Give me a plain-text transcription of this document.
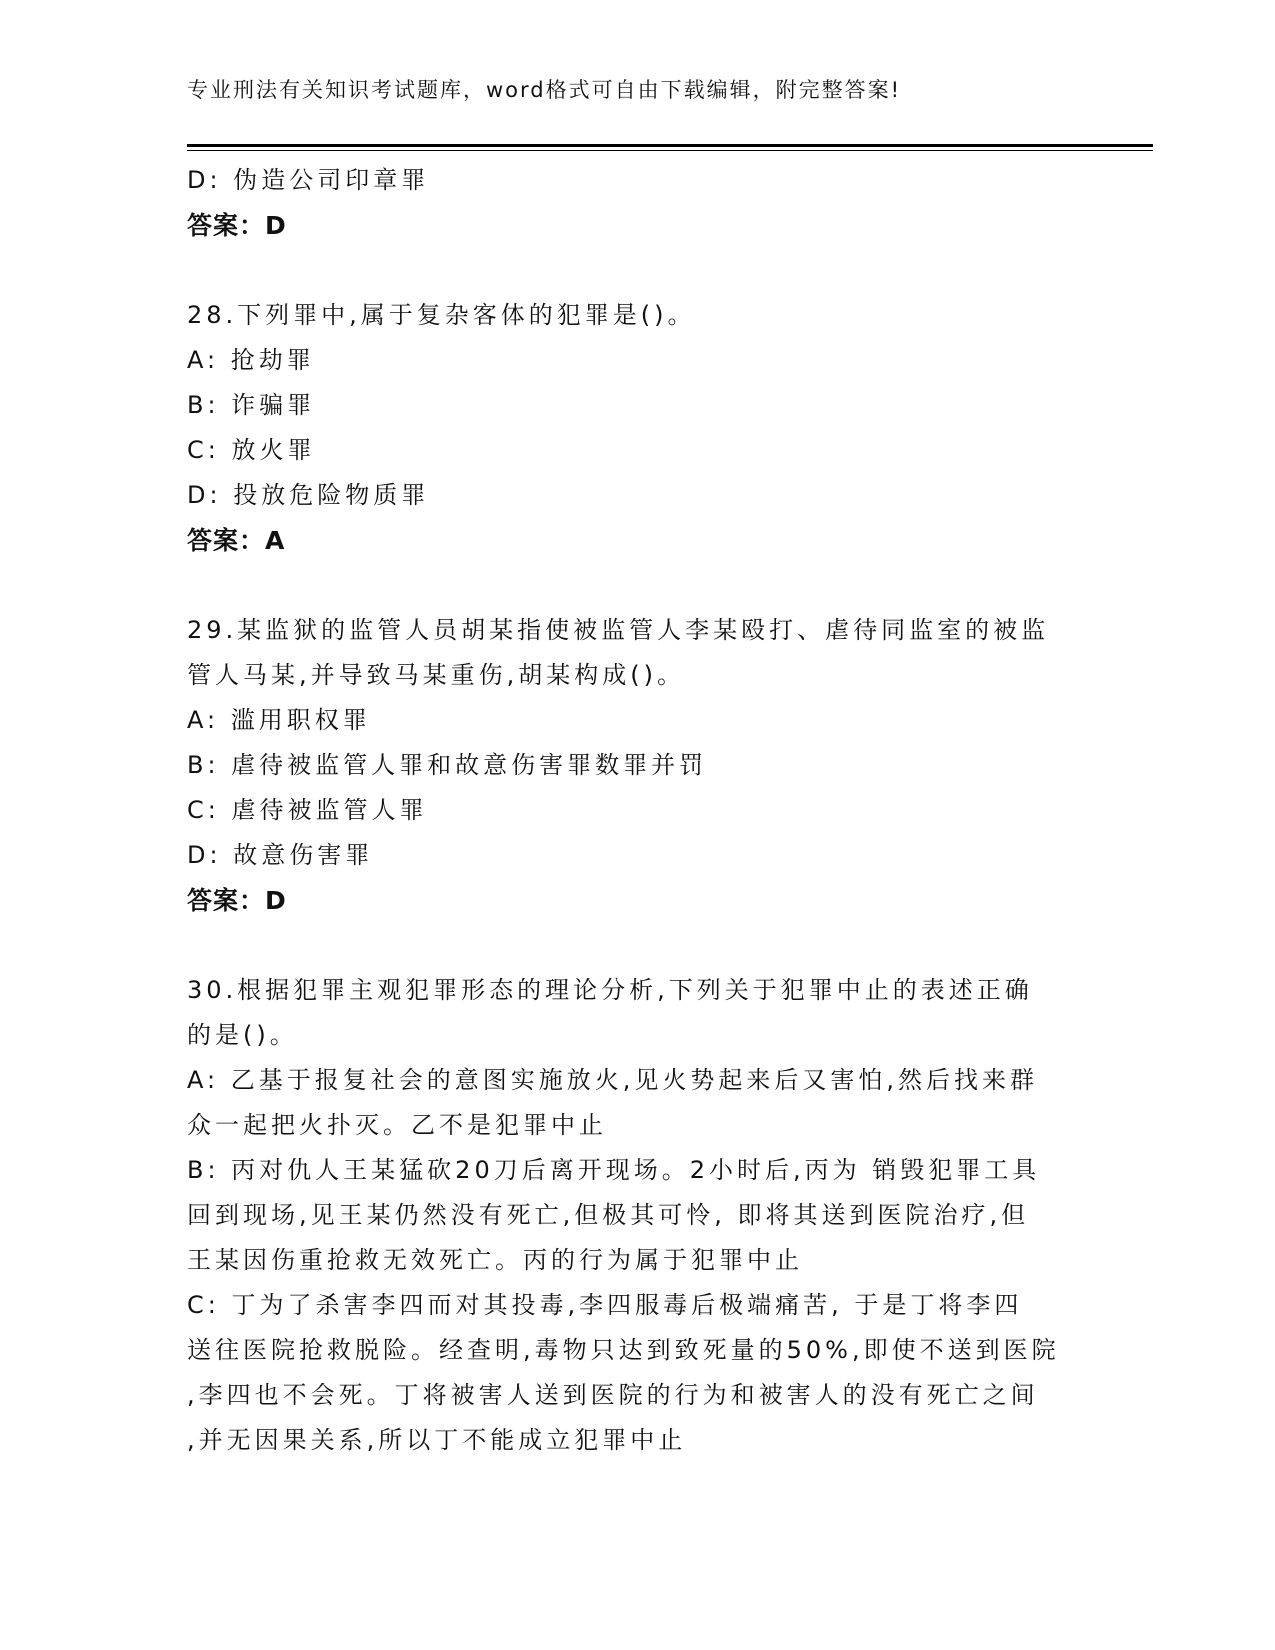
专业刑法有关知识考试题库，word格式可自由下载编辑，附完整答案!
D: 伪造公司印章罪
答案：D
28.下列罪中,属于复杂客体的犯罪是()。
A: 抢劫罪
B: 诈骗罪
C: 放火罪
D: 投放危险物质罪
答案：A
29.某监狱的监管人员胡某指使被监管人李某殴打、虐待同监室的被监
管人马某,并导致马某重伤,胡某构成()。
A: 滥用职权罪
B: 虐待被监管人罪和故意伤害罪数罪并罚
C: 虐待被监管人罪
D: 故意伤害罪
答案：D
30.根据犯罪主观犯罪形态的理论分析,下列关于犯罪中止的表述正确
的是()。
A: 乙基于报复社会的意图实施放火,见火势起来后又害怕,然后找来群
众一起把火扑灭。乙不是犯罪中止
B: 丙对仇人王某猛砍20刀后离开现场。2小时后,丙为 销毁犯罪工具
回到现场,见王某仍然没有死亡,但极其可怜, 即将其送到医院治疗,但
王某因伤重抢救无效死亡。丙的行为属于犯罪中止
C: 丁为了杀害李四而对其投毒,李四服毒后极端痛苦, 于是丁将李四
送往医院抢救脱险。经查明,毒物只达到致死量的50%,即使不送到医院
,李四也不会死。丁将被害人送到医院的行为和被害人的没有死亡之间
,并无因果关系,所以丁不能成立犯罪中止
